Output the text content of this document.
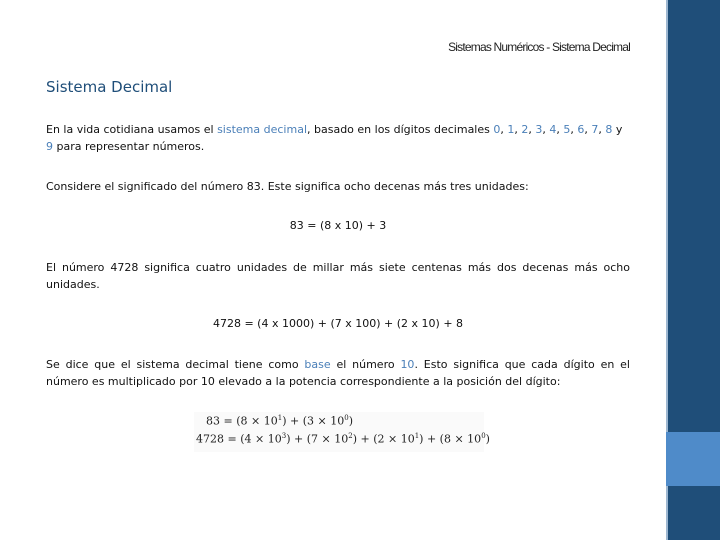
Sistemas Numéricos - Sistema Decimal
Sistema Decimal
En la vida cotidiana usamos el sistema decimal, basado en los dígitos decimales 0, 1, 2, 3, 4, 5, 6, 7, 8 y 9 para representar números.
Considere el significado del número 83. Este significa ocho decenas más tres unidades:
83 = (8 x 10) + 3
El número 4728 significa cuatro unidades de millar más siete centenas más dos decenas más ocho unidades.
4728 = (4 x 1000) + (7 x 100) + (2 x 10) + 8
Se dice que el sistema decimal tiene como base el número 10. Esto significa que cada dígito en el número es multiplicado por 10 elevado a la potencia correspondiente a la posición del dígito:
$83 = (8 \times 10^1) + (3 \times 10^0)$
$4728 = (4 \times 10^3) + (7 \times 10^2) + (2 \times 10^1) + (8 \times 10^0)$
